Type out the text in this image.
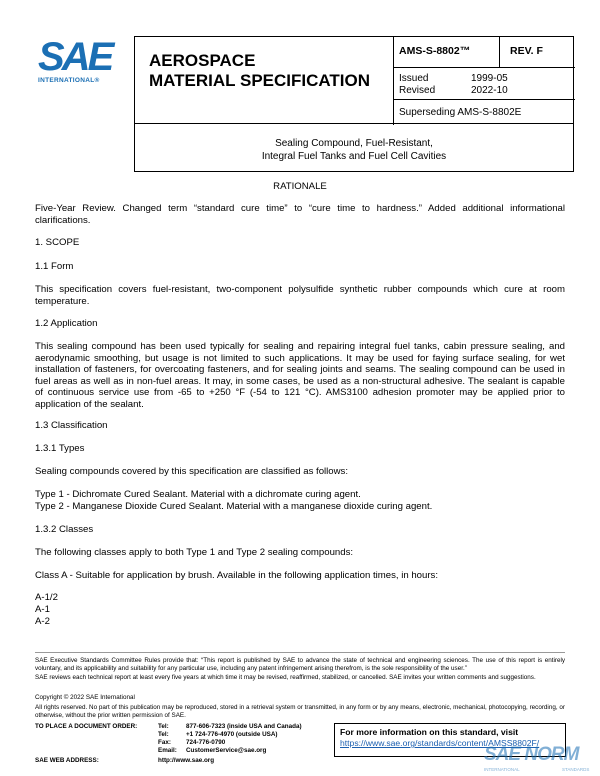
SAE
INTERNATIONAL®
AEROSPACE
MATERIAL SPECIFICATION
AMS-S-8802™	REV. F
Issued	1999-05
Revised	2022-10
Superseding AMS-S-8802E
Sealing Compound, Fuel-Resistant,
Integral Fuel Tanks and Fuel Cell Cavities
RATIONALE
Five-Year Review. Changed term “standard cure time” to “cure time to hardness.” Added additional informational clarifications.
1. SCOPE
1.1 Form
This specification covers fuel-resistant, two-component polysulfide synthetic rubber compounds which cure at room temperature.
1.2 Application
This sealing compound has been used typically for sealing and repairing integral fuel tanks, cabin pressure sealing, and aerodynamic smoothing, but usage is not limited to such applications. It may be used for faying surface sealing, for wet installation of fasteners, for overcoating fasteners, and for sealing joints and seams. The sealing compound can be used in fuel areas as well as in non-fuel areas. It may, in some cases, be used as a non-structural adhesive. The sealant is capable of continuous service use from -65 to +250 °F (-54 to 121 °C). AMS3100 adhesion promoter may be applied prior to application of the sealant.
1.3 Classification
1.3.1 Types
Sealing compounds covered by this specification are classified as follows:
Type 1 - Dichromate Cured Sealant. Material with a dichromate curing agent.
Type 2 - Manganese Dioxide Cured Sealant. Material with a manganese dioxide curing agent.
1.3.2 Classes
The following classes apply to both Type 1 and Type 2 sealing compounds:
Class A - Suitable for application by brush. Available in the following application times, in hours:
A-1/2
A-1
A-2
SAE Executive Standards Committee Rules provide that: “This report is published by SAE to advance the state of technical and engineering sciences. The use of this report is entirely voluntary, and its applicability and suitability for any particular use, including any patent infringement arising therefrom, is the sole responsibility of the user.”
SAE reviews each technical report at least every five years at which time it may be revised, reaffirmed, stabilized, or cancelled. SAE invites your written comments and suggestions.
Copyright © 2022 SAE International
All rights reserved. No part of this publication may be reproduced, stored in a retrieval system or transmitted, in any form or by any means, electronic, mechanical, photocopying, recording, or otherwise, without the prior written permission of SAE.
TO PLACE A DOCUMENT ORDER:	Tel:	877-606-7323 (inside USA and Canada)
Tel:	+1 724-776-4970 (outside USA)
Fax: 724-776-0790
Email: CustomerService@sae.org
SAE WEB ADDRESS:	http://www.sae.org
For more information on this standard, visit
https://www.sae.org/standards/content/AMSS8802F/
SAE NORM
INTERNATIONAL	STANDARDS
